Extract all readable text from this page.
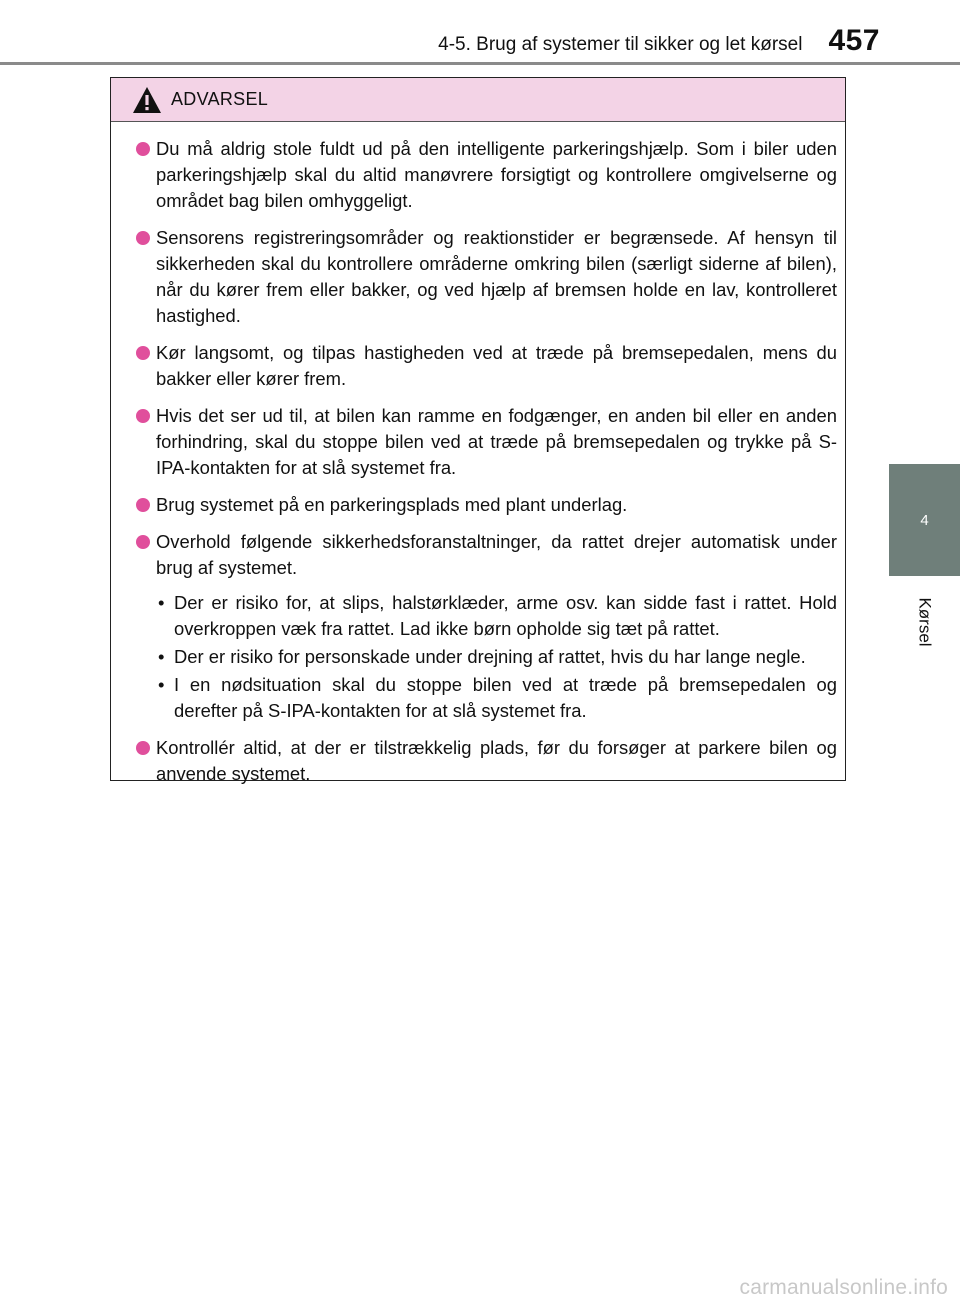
4-5. Brug af systemer til sikker og let kørsel 457
4
Kørsel
ADVARSEL
Du må aldrig stole fuldt ud på den intelligente parkeringshjælp. Som i biler uden parkeringshjælp skal du altid manøvrere forsigtigt og kontrollere omgivelserne og området bag bilen omhyggeligt.
Sensorens registreringsområder og reaktionstider er begrænsede. Af hensyn til sikkerheden skal du kontrollere områderne omkring bilen (særligt siderne af bilen), når du kører frem eller bakker, og ved hjælp af bremsen holde en lav, kontrolleret hastighed.
Kør langsomt, og tilpas hastigheden ved at træde på bremsepedalen, mens du bakker eller kører frem.
Hvis det ser ud til, at bilen kan ramme en fodgænger, en anden bil eller en anden forhindring, skal du stoppe bilen ved at træde på bremsepedalen og trykke på S-IPA-kontakten for at slå systemet fra.
Brug systemet på en parkeringsplads med plant underlag.
Overhold følgende sikkerhedsforanstaltninger, da rattet drejer automatisk under brug af systemet.
• Der er risiko for, at slips, halstørklæder, arme osv. kan sidde fast i rattet. Hold overkroppen væk fra rattet. Lad ikke børn opholde sig tæt på rattet.
• Der er risiko for personskade under drejning af rattet, hvis du har lange negle.
• I en nødsituation skal du stoppe bilen ved at træde på bremsepedalen og derefter på S-IPA-kontakten for at slå systemet fra.
Kontrollér altid, at der er tilstrækkelig plads, før du forsøger at parkere bilen og anvende systemet.
carmanualsonline.info
